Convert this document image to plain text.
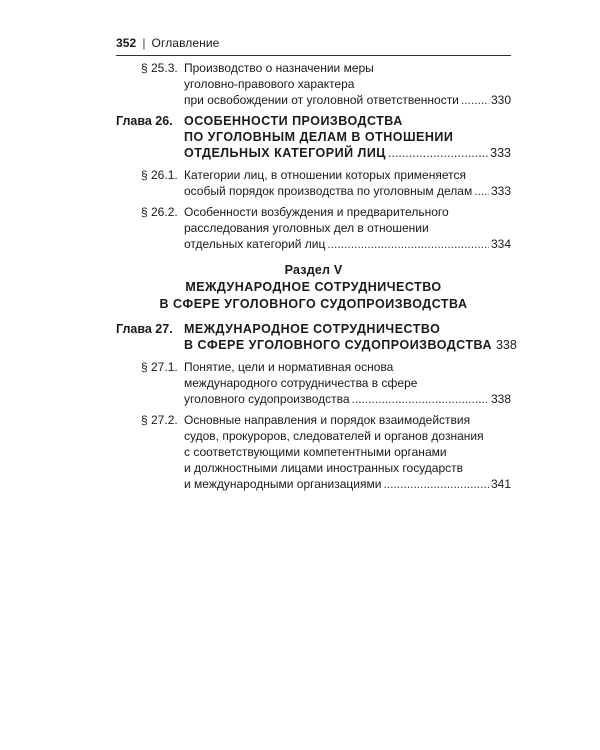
352 | Оглавление
§ 25.3. Производство о назначении меры
уголовно-правового характера
при освобождении от уголовной ответственности .....	330
Глава 26. ОСОБЕННОСТИ ПРОИЗВОДСТВА
ПО УГОЛОВНЫМ ДЕЛАМ В ОТНОШЕНИИ
ОТДЕЛЬНЫХ КАТЕГОРИЙ ЛИЦ .....	333
§ 26.1. Категории лиц, в отношении которых применяется
особый порядок производства по уголовным делам ..... 333
§ 26.2. Особенности возбуждения и предварительного
расследования уголовных дел в отношении
отдельных категорий лиц .....	334
Раздел V
МЕЖДУНАРОДНОЕ СОТРУДНИЧЕСТВО
В СФЕРЕ УГОЛОВНОГО СУДОПРОИЗВОДСТВА
Глава 27. МЕЖДУНАРОДНОЕ СОТРУДНИЧЕСТВО
В СФЕРЕ УГОЛОВНОГО СУДОПРОИЗВОДСТВА 338
§ 27.1. Понятие, цели и нормативная основа
международного сотрудничества в сфере
уголовного судопроизводства .....	338
§ 27.2. Основные направления и порядок взаимодействия
судов, прокуроров, следователей и органов дознания
с соответствующими компетентными органами
и должностными лицами иностранных государств
и международными организациями .....	341
